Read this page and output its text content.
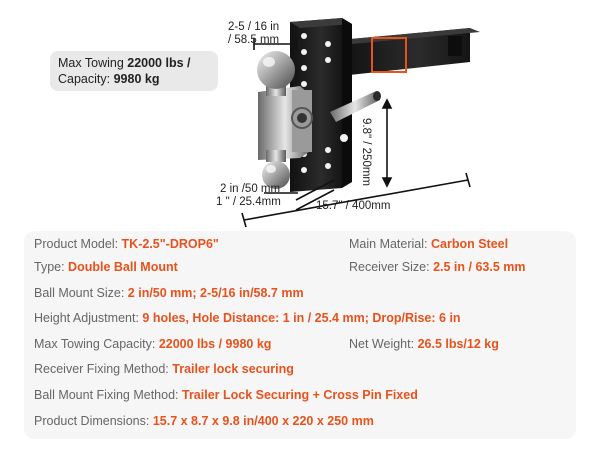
2-5 / 16 in
/ 58.5 mm
9.8" / 250mm
2 in /50 mm
1 " / 25.4mm	15.7" / 400mm
Max Towing 22000 lbs /
Capacity: 9980 kg
Product Model: TK-2.5"-DROP6"	Main Material: Carbon Steel
Type: Double Ball Mount	Receiver Size: 2.5 in / 63.5 mm
Ball Mount Size: 2 in/50 mm; 2-5/16 in/58.7 mm
Height Adjustment: 9 holes, Hole Distance: 1 in / 25.4 mm; Drop/Rise: 6 in
Max Towing Capacity: 22000 lbs / 9980 kg	Net Weight: 26.5 lbs/12 kg
Receiver Fixing Method: Trailer lock securing
Ball Mount Fixing Method: Trailer Lock Securing + Cross Pin Fixed
Product Dimensions: 15.7 x 8.7 x 9.8 in/400 x 220 x 250 mm
